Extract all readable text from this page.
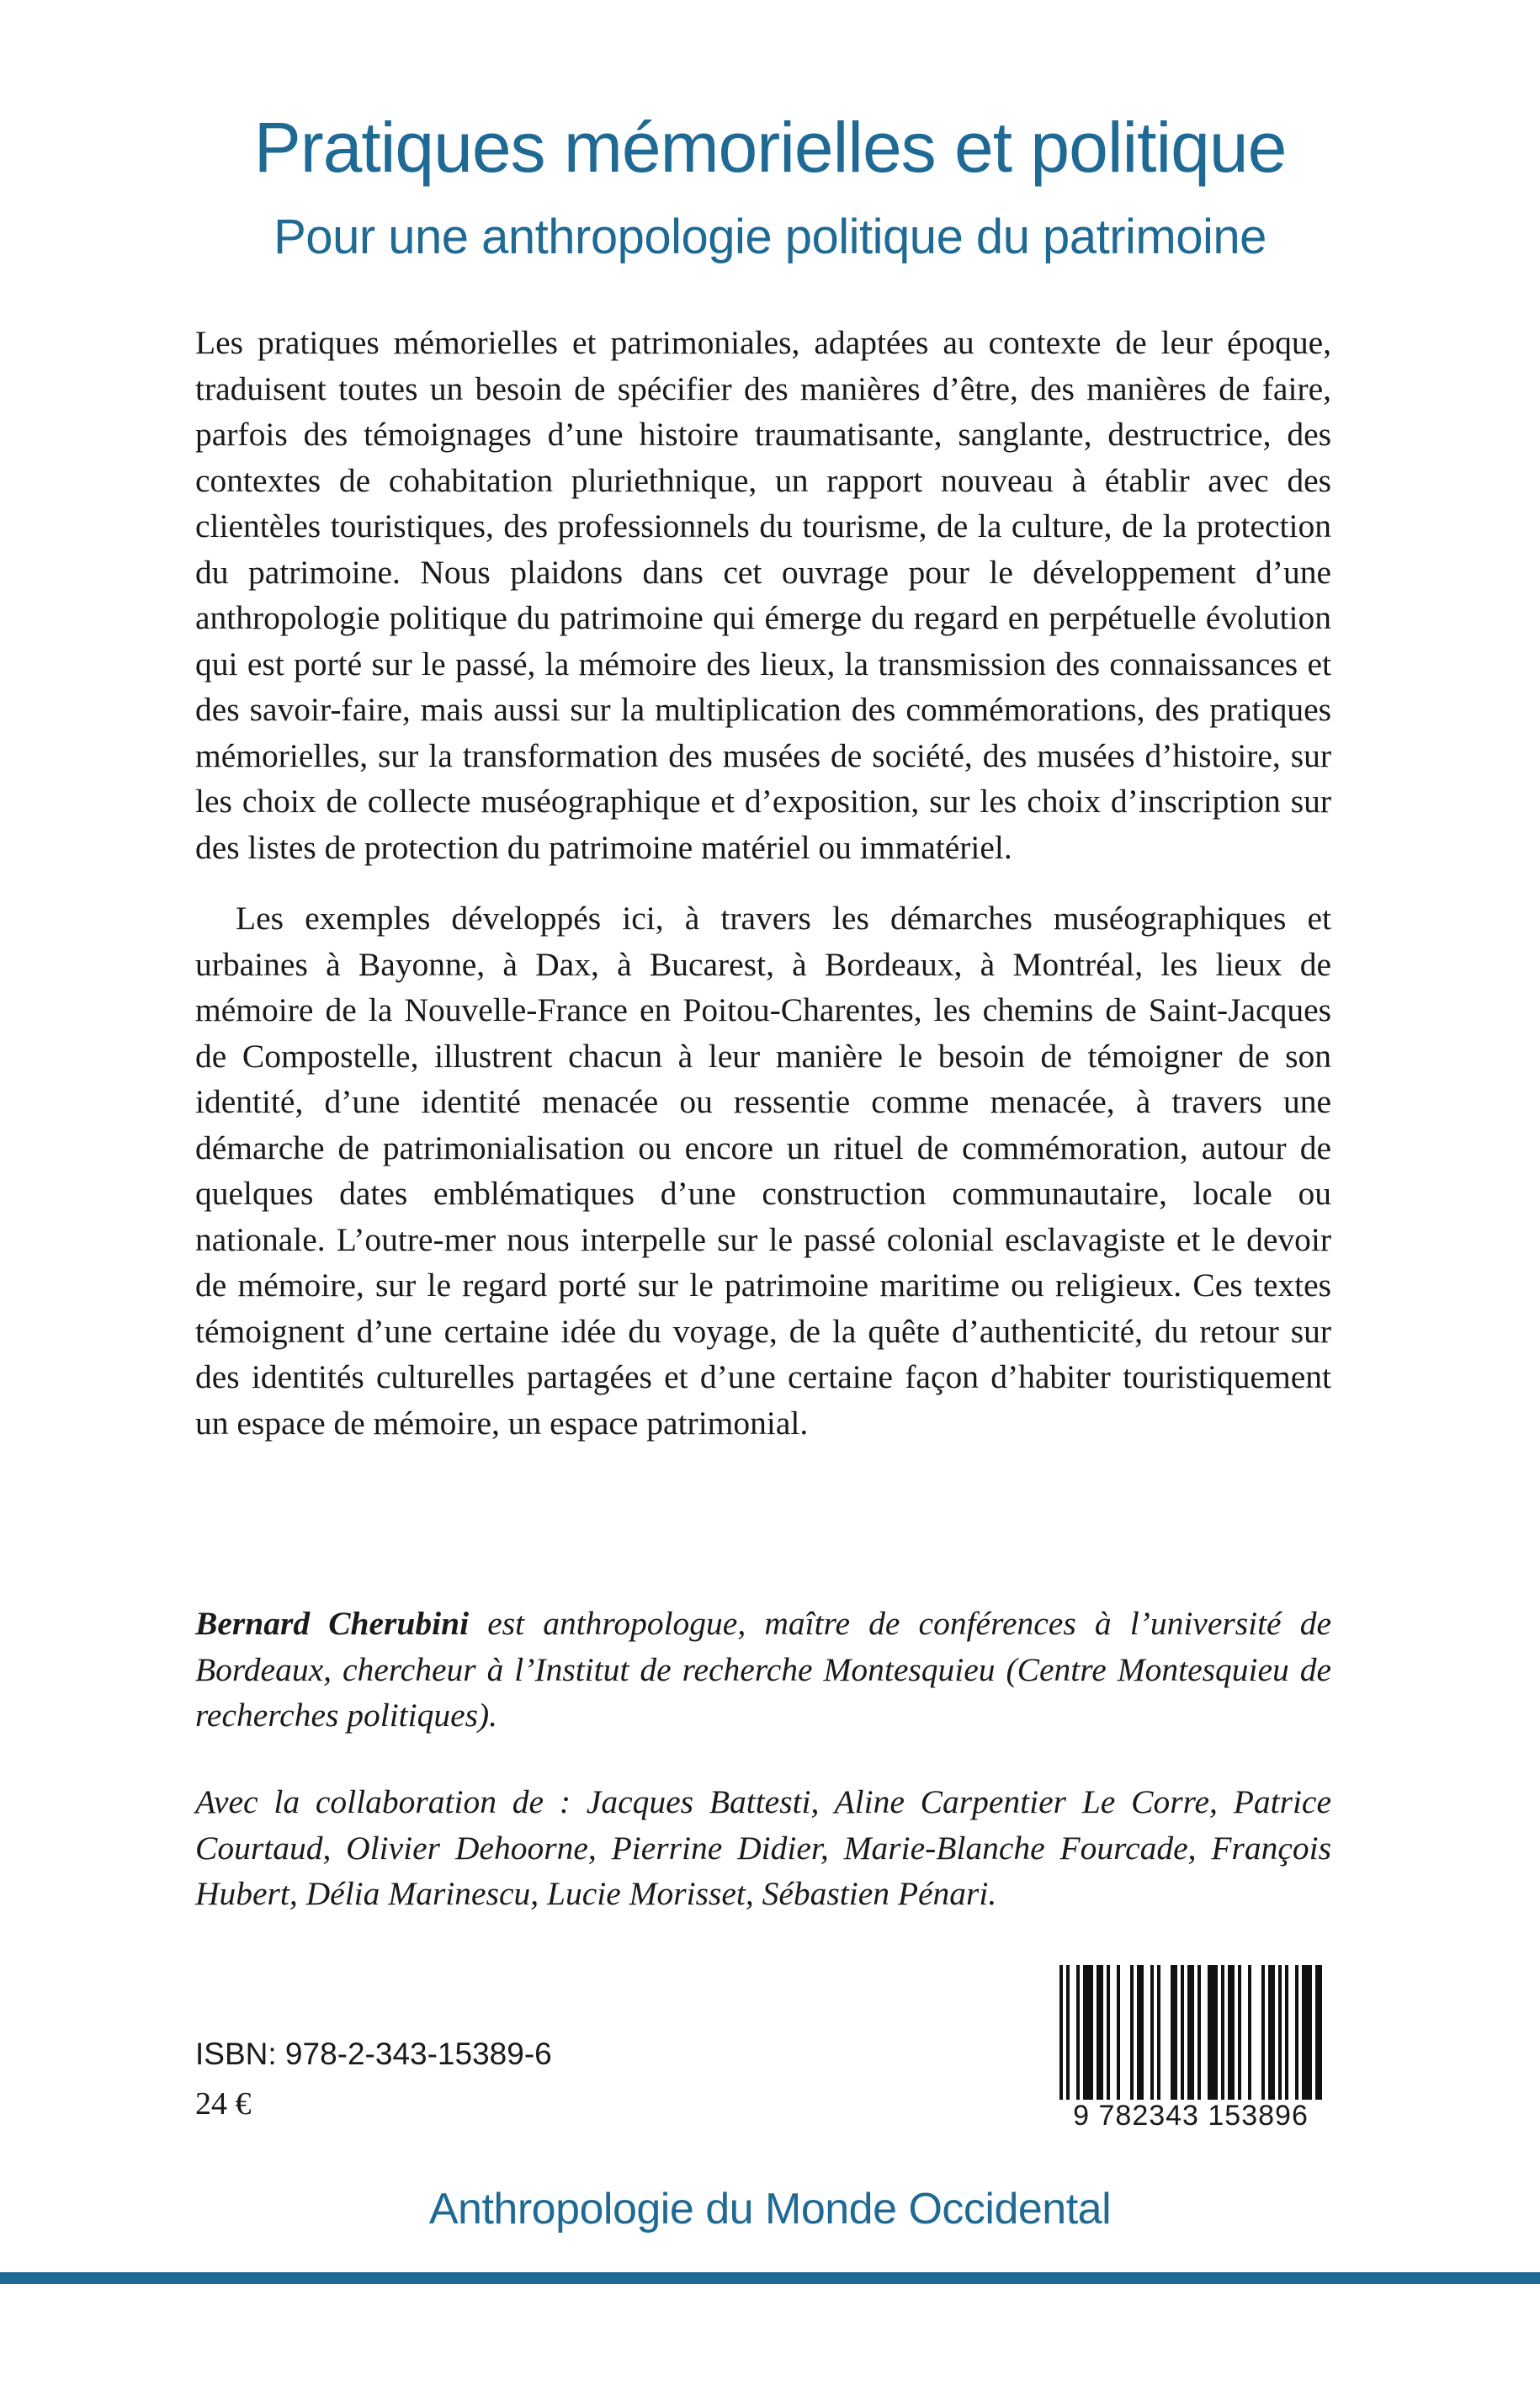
Pratiques mémorielles et politique
Pour une anthropologie politique du patrimoine

Les pratiques mémorielles et patrimoniales, adaptées au contexte de leur époque, traduisent toutes un besoin de spécifier des manières d’être, des manières de faire, parfois des témoignages d’une histoire traumatisante, sanglante, destructrice, des contextes de cohabitation pluriethnique, un rapport nouveau à établir avec des clientèles touristiques, des professionnels du tourisme, de la culture, de la protection du patrimoine. Nous plaidons dans cet ouvrage pour le développement d’une anthropologie politique du patrimoine qui émerge du regard en perpétuelle évolution qui est porté sur le passé, la mémoire des lieux, la transmission des connaissances et des savoir-faire, mais aussi sur la multiplication des commémorations, des pratiques mémorielles, sur la transformation des musées de société, des musées d’histoire, sur les choix de collecte muséographique et d’exposition, sur les choix d’inscription sur des listes de protection du patrimoine matériel ou immatériel.

Les exemples développés ici, à travers les démarches muséographiques et urbaines à Bayonne, à Dax, à Bucarest, à Bordeaux, à Montréal, les lieux de mémoire de la Nouvelle-France en Poitou-Charentes, les chemins de Saint-Jacques de Compostelle, illustrent chacun à leur manière le besoin de témoigner de son identité, d’une identité menacée ou ressentie comme menacée, à travers une démarche de patrimonialisation ou encore un rituel de commémoration, autour de quelques dates emblématiques d’une construction communautaire, locale ou nationale. L’outre-mer nous interpelle sur le passé colonial esclavagiste et le devoir de mémoire, sur le regard porté sur le patrimoine maritime ou religieux. Ces textes témoignent d’une certaine idée du voyage, de la quête d’authenticité, du retour sur des identités culturelles partagées et d’une certaine façon d’habiter touristiquement un espace de mémoire, un espace patrimonial.

Bernard Cherubini est anthropologue, maître de conférences à l’université de Bordeaux, chercheur à l’Institut de recherche Montesquieu (Centre Montesquieu de recherches politiques).
Avec la collaboration de : Jacques Battesti, Aline Carpentier Le Corre, Patrice Courtaud, Olivier Dehoorne, Pierrine Didier, Marie-Blanche Fourcade, François Hubert, Délia Marinescu, Lucie Morisset, Sébastien Pénari.
ISBN: 978-2-343-15389-6
24 €	9 782343 153896
Anthropologie du Monde Occidental
